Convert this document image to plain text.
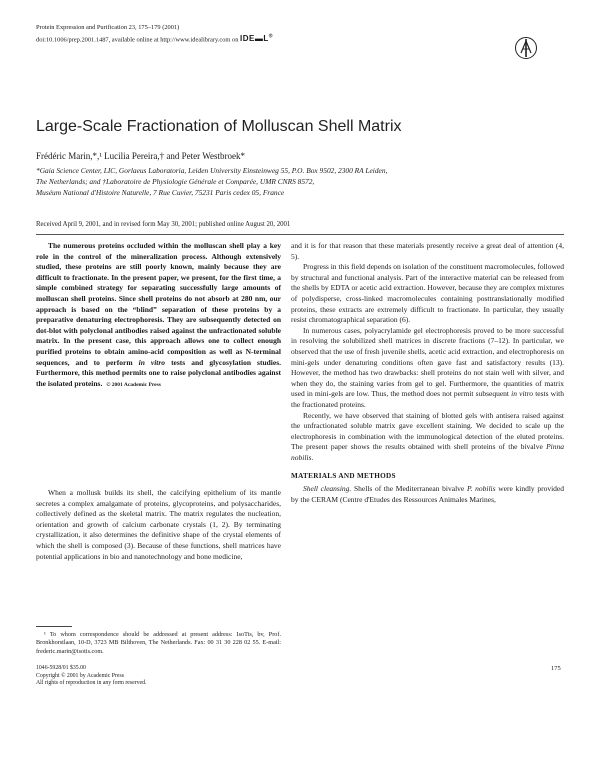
Protein Expression and Purification 23, 175–179 (2001)
doi:10.1006/prep.2001.1487, available online at http://www.idealibrary.com on IDE▬L®
Large-Scale Fractionation of Molluscan Shell Matrix
Frédéric Marin,*,¹ Lucilia Pereira,† and Peter Westbroek*
*Gaia Science Center, LIC, Gorlaeus Laboratoria, Leiden University Einsteinweg 55, P.O. Box 9502, 2300 RA Leiden,
The Netherlands; and †Laboratoire de Physiologie Générale et Comparée, UMR CNRS 8572,
Muséum National d'Histoire Naturelle, 7 Rue Cuvier, 75231 Paris cedex 05, France
Received April 9, 2001, and in revised form May 30, 2001; published online August 20, 2001

The numerous proteins occluded within the molluscan shell play a key role in the control of the mineralization process. Although extensively studied, these proteins are still poorly known, mainly because they are difficult to fractionate. In the present paper, we present, for the first time, a simple combined strategy for separating successfully large amounts of molluscan shell proteins. Since shell proteins do not absorb at 280 nm, our approach is based on the “blind” separation of these proteins by a preparative denaturing electrophoresis. They are subsequently detected on dot-blot with polyclonal antibodies raised against the unfractionated soluble matrix. In the present case, this approach allows one to collect enough purified proteins to obtain amino-acid composition as well as N-terminal sequences, and to perform in vitro tests and glycosylation studies. Furthermore, this method permits one to raise polyclonal antibodies against the isolated proteins. © 2001 Academic Press

When a mollusk builds its shell, the calcifying epithelium of its mantle secretes a complex amalgamate of proteins, glycoproteins, and polysaccharides, collectively defined as the skeletal matrix. The matrix regulates the nucleation, orientation and growth of calcium carbonate crystals (1, 2). By terminating crystallization, it also determines the definitive shape of the crystal elements of which the shell is composed (3). Because of these functions, shell matrices have potential applications in bio and nanotechnology and bone medicine,

¹ To whom correspondence should be addressed at present address: IsoTis, bv, Prof. Bronkhorstlaan, 10-D, 3723 MB Bilthoven, The Netherlands. Fax: 00 31 30 228 02 55. E-mail: frederic.marin@isotis.com.

1046-5928/01 $35.00
Copyright © 2001 by Academic Press
All rights of reproduction in any form reserved.
175

and it is for that reason that these materials presently receive a great deal of attention (4, 5).

Progress in this field depends on isolation of the constituent macromolecules, followed by structural and functional analysis. Part of the interactive material can be released from the shells by EDTA or acetic acid extraction. However, because they are complex mixtures of polydisperse, cross-linked macromolecules containing posttranslationally modified proteins, these extracts are extremely difficult to fractionate. In particular, they usually resist chromatographical separation (6).

In numerous cases, polyacrylamide gel electrophoresis proved to be more successful in resolving the solubilized shell matrices in discrete fractions (7–12). In particular, we observed that the use of fresh juvenile shells, acetic acid extraction, and electrophoresis on mini-gels under denaturing conditions often gave fast and satisfactory results (13). However, the method has two drawbacks: shell proteins do not stain well with silver, and when they do, the staining varies from gel to gel. Furthermore, the quantities of matrix used in mini-gels are low. Thus, the method does not permit subsequent in vitro tests with the fractionated proteins.

Recently, we have observed that staining of blotted gels with antisera raised against the unfractionated soluble matrix gave excellent staining. We decided to scale up the electrophoresis in combination with the immunological detection of the eluted proteins. The present paper shows the results obtained with shell proteins of the bivalve Pinna nobilis.

MATERIALS AND METHODS

Shell cleansing. Shells of the Mediterranean bivalve P. nobilis were kindly provided by the CERAM (Centre d'Etudes des Ressources Animales Marines,
